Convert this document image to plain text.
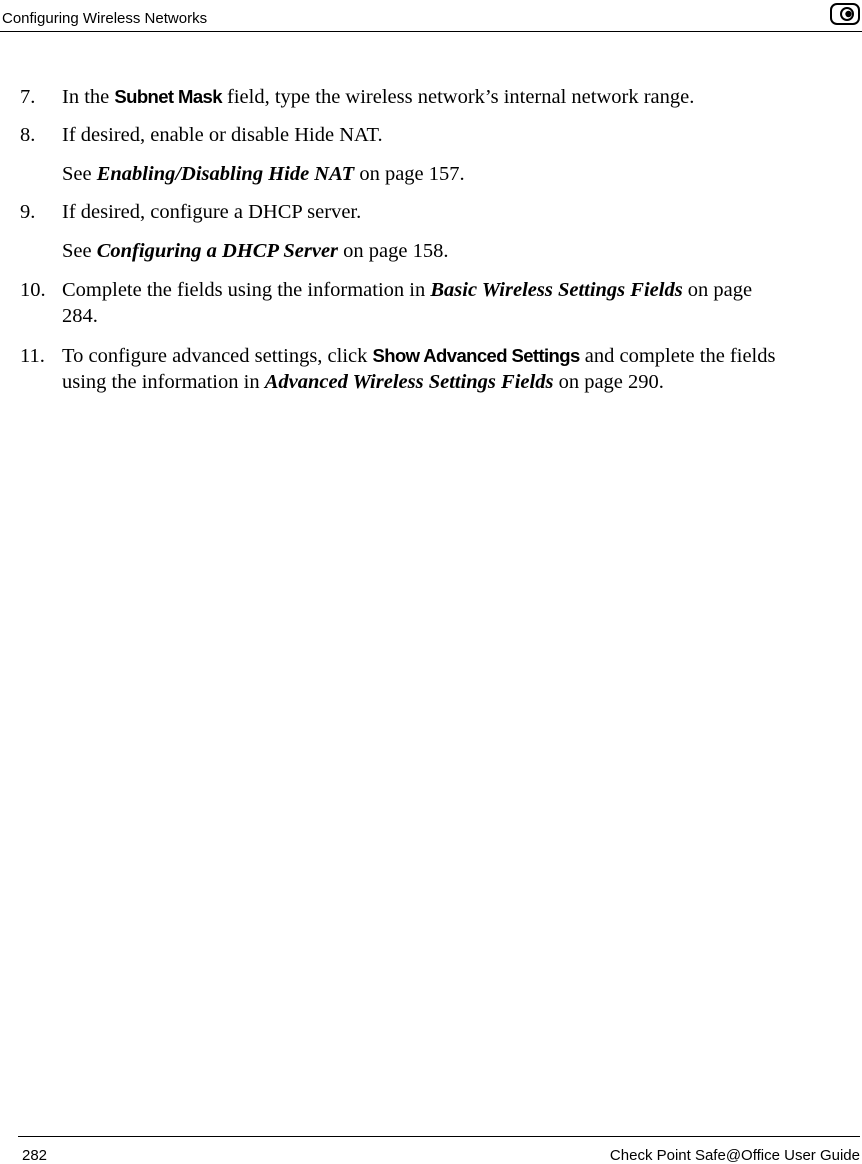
Configuring Wireless Networks
7. In the Subnet Mask field, type the wireless network’s internal network range.
8. If desired, enable or disable Hide NAT.
See Enabling/Disabling Hide NAT on page 157.
9. If desired, configure a DHCP server.
See Configuring a DHCP Server on page 158.
10. Complete the fields using the information in Basic Wireless Settings Fields on page 284.
11. To configure advanced settings, click Show Advanced Settings and complete the fields using the information in Advanced Wireless Settings Fields on page 290.
282	Check Point Safe@Office User Guide
